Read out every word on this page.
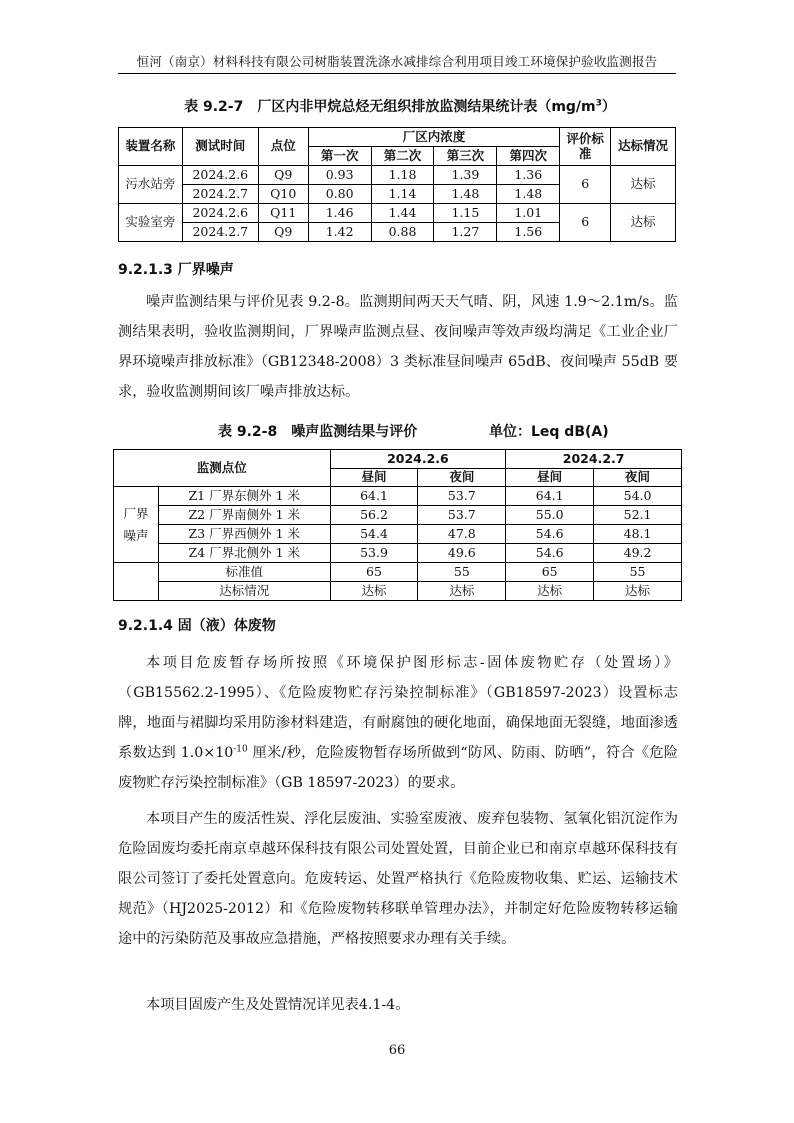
恒河（南京）材料科技有限公司树脂装置洗涤水减排综合利用项目竣工环境保护验收监测报告
表 9.2-7　厂区内非甲烷总烃无组织排放监测结果统计表$(mg/m^3)$
装置名称	测试时间	点位	厂区内浓度				评价标准	达标情况
			第一次	第二次	第三次	第四次		
污水站旁	2024.2.6	Q9	0.93	1.18	1.39	1.36	6	达标
	2024.2.7	Q10	0.80	1.14	1.48	1.48		
实验室旁	2024.2.6	Q11	1.46	1.44	1.15	1.01	6	达标
	2024.2.7	Q9	1.42	0.88	1.27	1.56		
9.2.1.3 厂界噪声
噪声监测结果与评价见表 9.2-8。监测期间两天天气晴、阴，风速 1.9～2.1m/s。监测结果表明，验收监测期间，厂界噪声监测点昼、夜间噪声等效声级均满足《工业企业厂界环境噪声排放标准》（GB12348-2008）3 类标准昼间噪声 65dB、夜间噪声 55dB 要求，验收监测期间该厂噪声排放达标。
表 9.2-8　噪声监测结果与评价	单位：Leq dB(A)
监测点位		2024.2.6		2024.2.7	
		昼间	夜间	昼间	夜间
厂界噪声	Z1 厂界东侧外 1 米	64.1	53.7	64.1	54.0
	Z2 厂界南侧外 1 米	56.2	53.7	55.0	52.1
	Z3 厂界西侧外 1 米	54.4	47.8	54.6	48.1
	Z4 厂界北侧外 1 米	53.9	49.6	54.6	49.2
	标准值	65	55	65	55
	达标情况	达标	达标	达标	达标
9.2.1.4 固（液）体废物
本项目危废暂存场所按照《环境保护图形标志-固体废物贮存（处置场）》（GB15562.2-1995）、《危险废物贮存污染控制标准》（GB18597-2023）设置标志牌，地面与裙脚均采用防渗材料建造，有耐腐蚀的硬化地面，确保地面无裂缝，地面渗透系数达到 $1.0\times 10^{-10}$ 厘米/秒，危险废物暂存场所做到“防风、防雨、防晒”，符合《危险废物贮存污染控制标准》（GB 18597-2023）的要求。
本项目产生的废活性炭、浮化层废油、实验室废液、废弃包装物、氢氧化铝沉淀作为危险固废均委托南京卓越环保科技有限公司处置处置，目前企业已和南京卓越环保科技有限公司签订了委托处置意向。危废转运、处置严格执行《危险废物收集、贮运、运输技术规范》（HJ2025-2012）和《危险废物转移联单管理办法》，并制定好危险废物转移运输途中的污染防范及事故应急措施，严格按照要求办理有关手续。
本项目固废产生及处置情况详见表4.1-4。
66
